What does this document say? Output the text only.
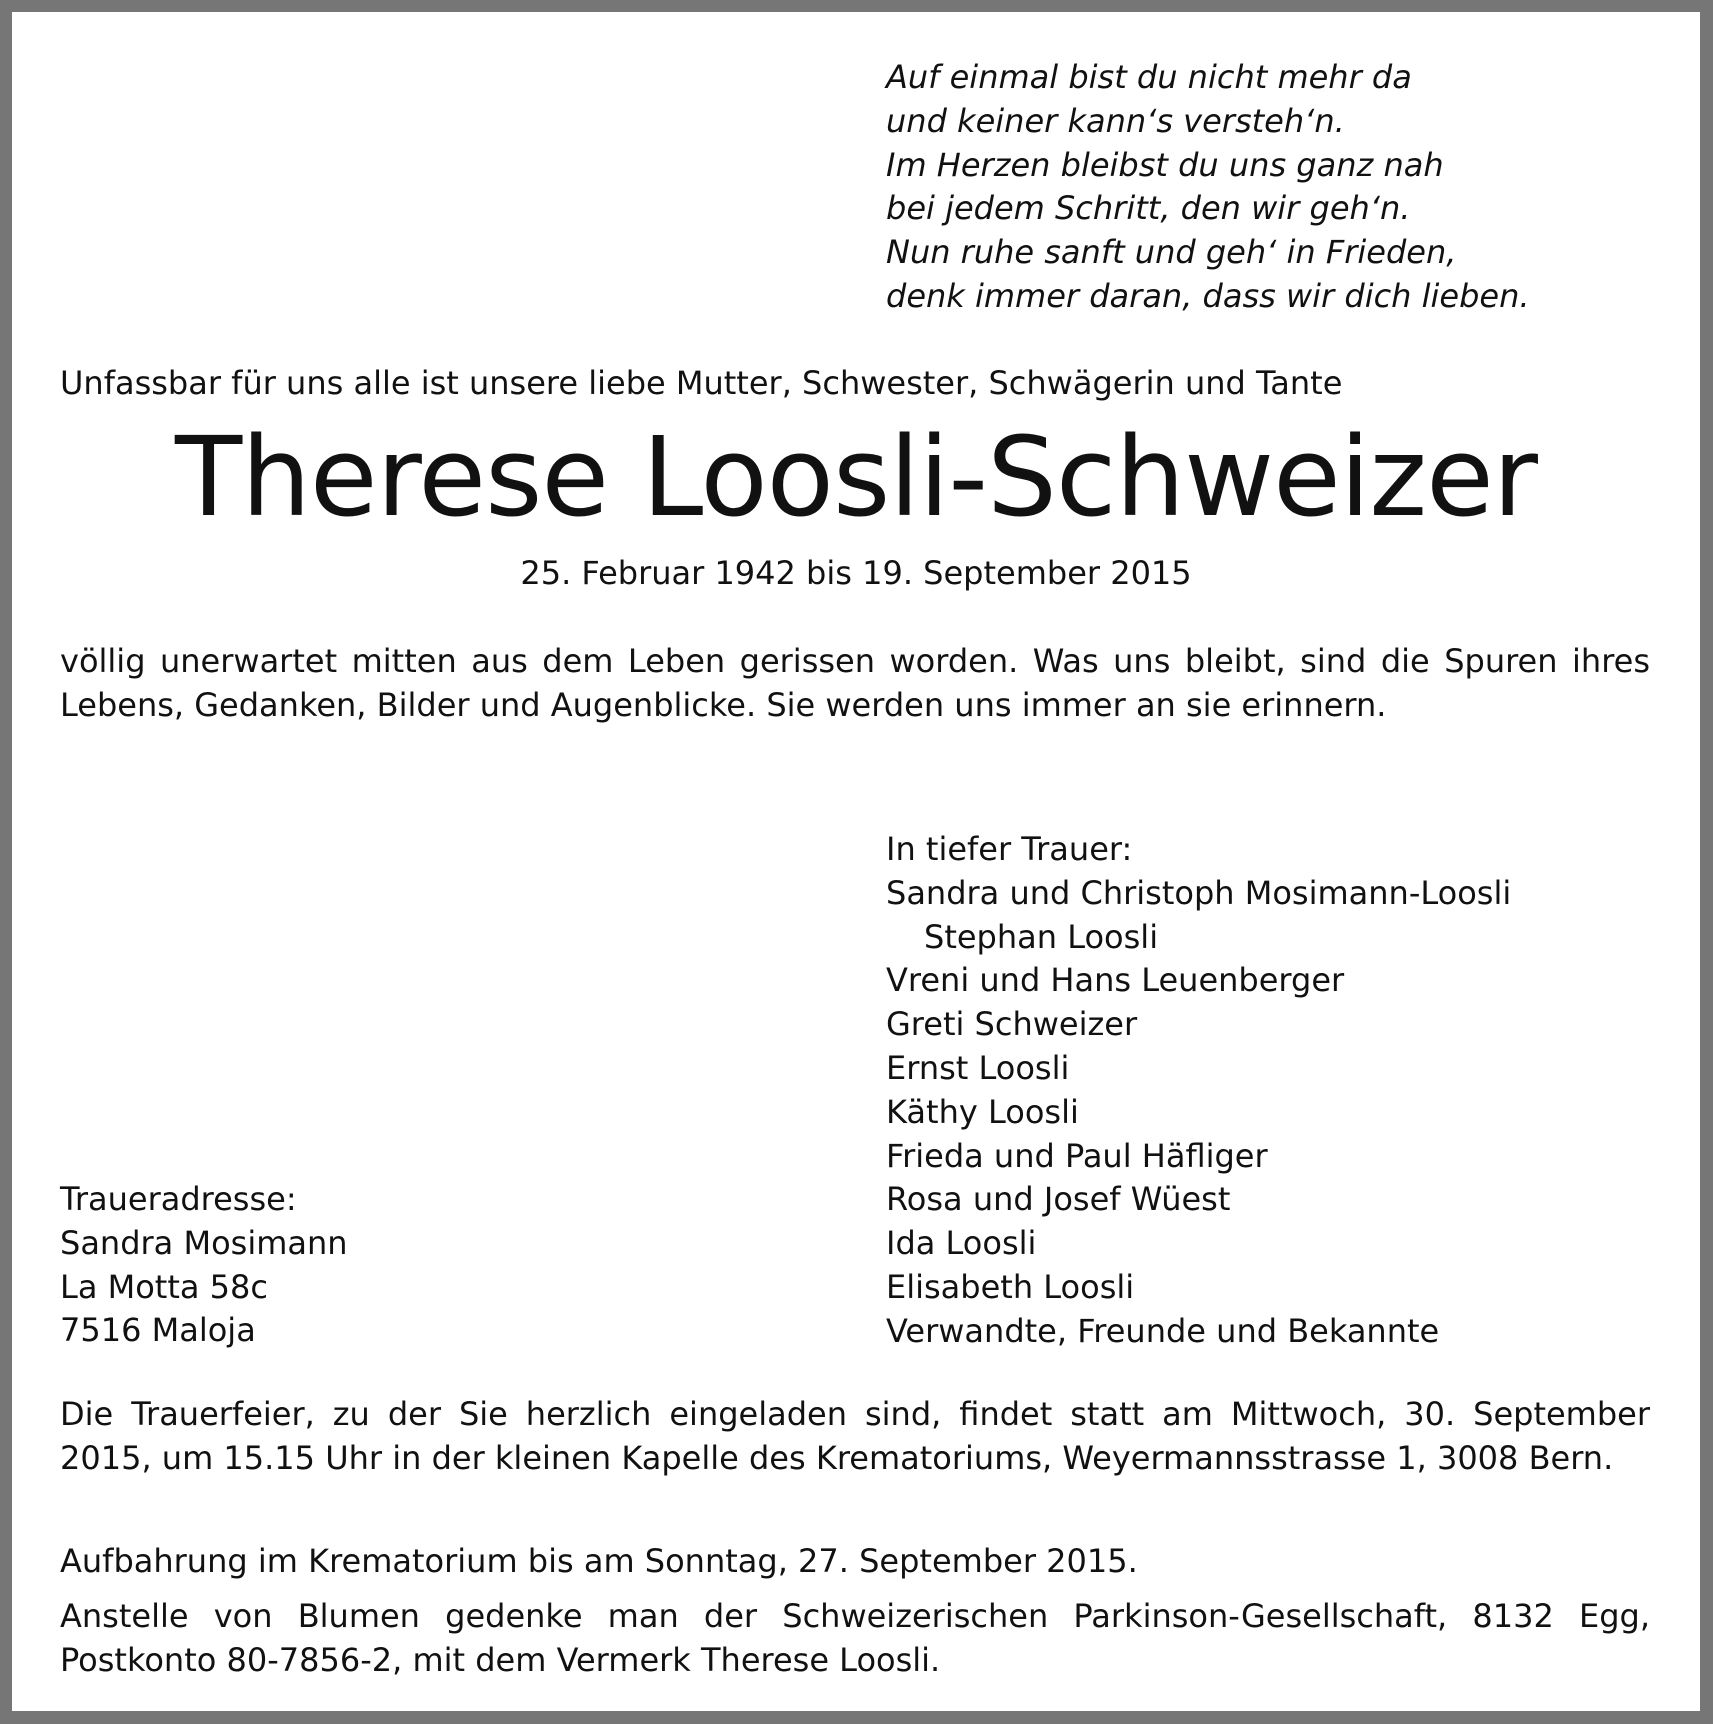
Auf einmal bist du nicht mehr da
und keiner kann‘s versteh‘n.
Im Herzen bleibst du uns ganz nah
bei jedem Schritt, den wir geh‘n.
Nun ruhe sanft und geh‘ in Frieden,
denk immer daran, dass wir dich lieben.
Unfassbar für uns alle ist unsere liebe Mutter, Schwester, Schwägerin und Tante
Therese Loosli-Schweizer
25. Februar 1942 bis 19. September 2015
völlig unerwartet mitten aus dem Leben gerissen worden. Was uns bleibt, sind die Spuren ihres Lebens, Gedanken, Bilder und Augenblicke. Sie werden uns immer an sie erinnern.
In tiefer Trauer:
Sandra und Christoph Mosimann-Loosli
Stephan Loosli
Vreni und Hans Leuenberger
Greti Schweizer
Ernst Loosli
Käthy Loosli
Frieda und Paul Häfliger
Rosa und Josef Wüest
Ida Loosli
Elisabeth Loosli
Verwandte, Freunde und Bekannte
Traueradresse:
Sandra Mosimann
La Motta 58c
7516 Maloja
Die Trauerfeier, zu der Sie herzlich eingeladen sind, findet statt am Mittwoch, 30. September 2015, um 15.15 Uhr in der kleinen Kapelle des Krematoriums, Weyermannsstrasse 1, 3008 Bern.
Aufbahrung im Krematorium bis am Sonntag, 27. September 2015.
Anstelle von Blumen gedenke man der Schweizerischen Parkinson-Gesellschaft, 8132 Egg, Postkonto 80-7856-2, mit dem Vermerk Therese Loosli.
